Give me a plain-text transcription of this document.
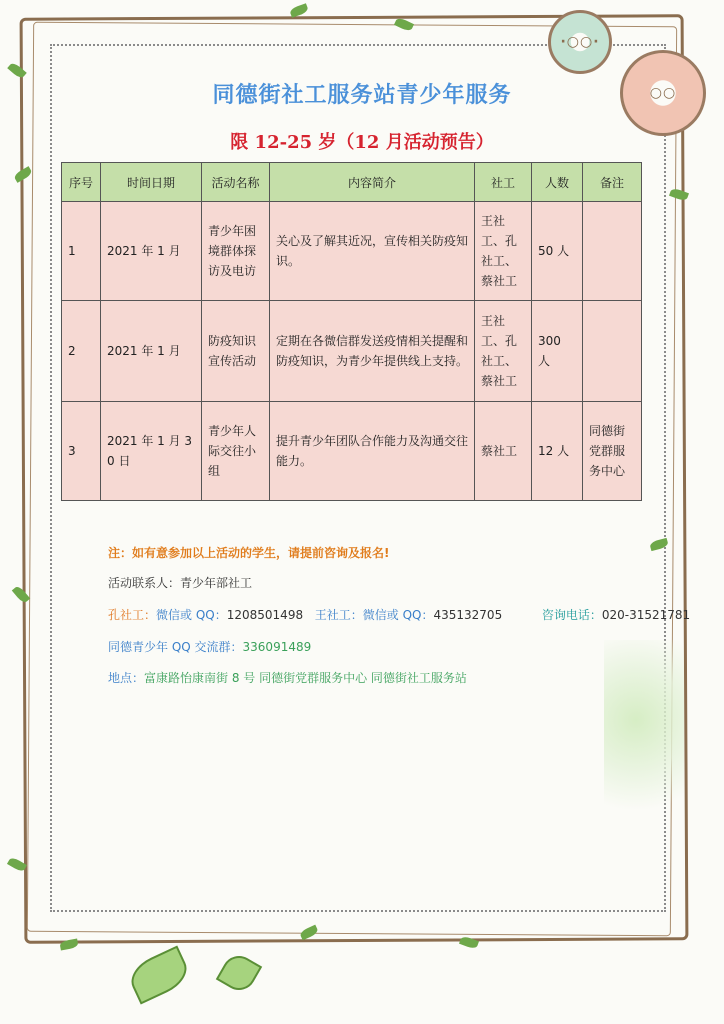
·○○·
○○
同德街社工服务站青少年服务
限 12-25 岁（12 月活动预告）
序号	时间日期	活动名称	内容简介	社工	人数	备注
1	2021 年 1 月	青少年困境群体探访及电访	关心及了解其近况，宣传相关防疫知识。	王社工、孔社工、蔡社工	50 人	
2	2021 年 1 月	防疫知识宣传活动	定期在各微信群发送疫情相关提醒和防疫知识，为青少年提供线上支持。	王社工、孔社工、蔡社工	300 人	
3	2021 年 1 月 30 日	青少年人际交往小组	提升青少年团队合作能力及沟通交往能力。	蔡社工	12 人	同德街党群服务中心
注：如有意参加以上活动的学生，请提前咨询及报名!
活动联系人：青少年部社工
孔社工：微信或 QQ：1208501498 王社工：微信或 QQ：435132705	咨询电话：020-31521781
同德青少年 QQ 交流群：336091489
地点：富康路怡康南街 8 号 同德街党群服务中心 同德街社工服务站
